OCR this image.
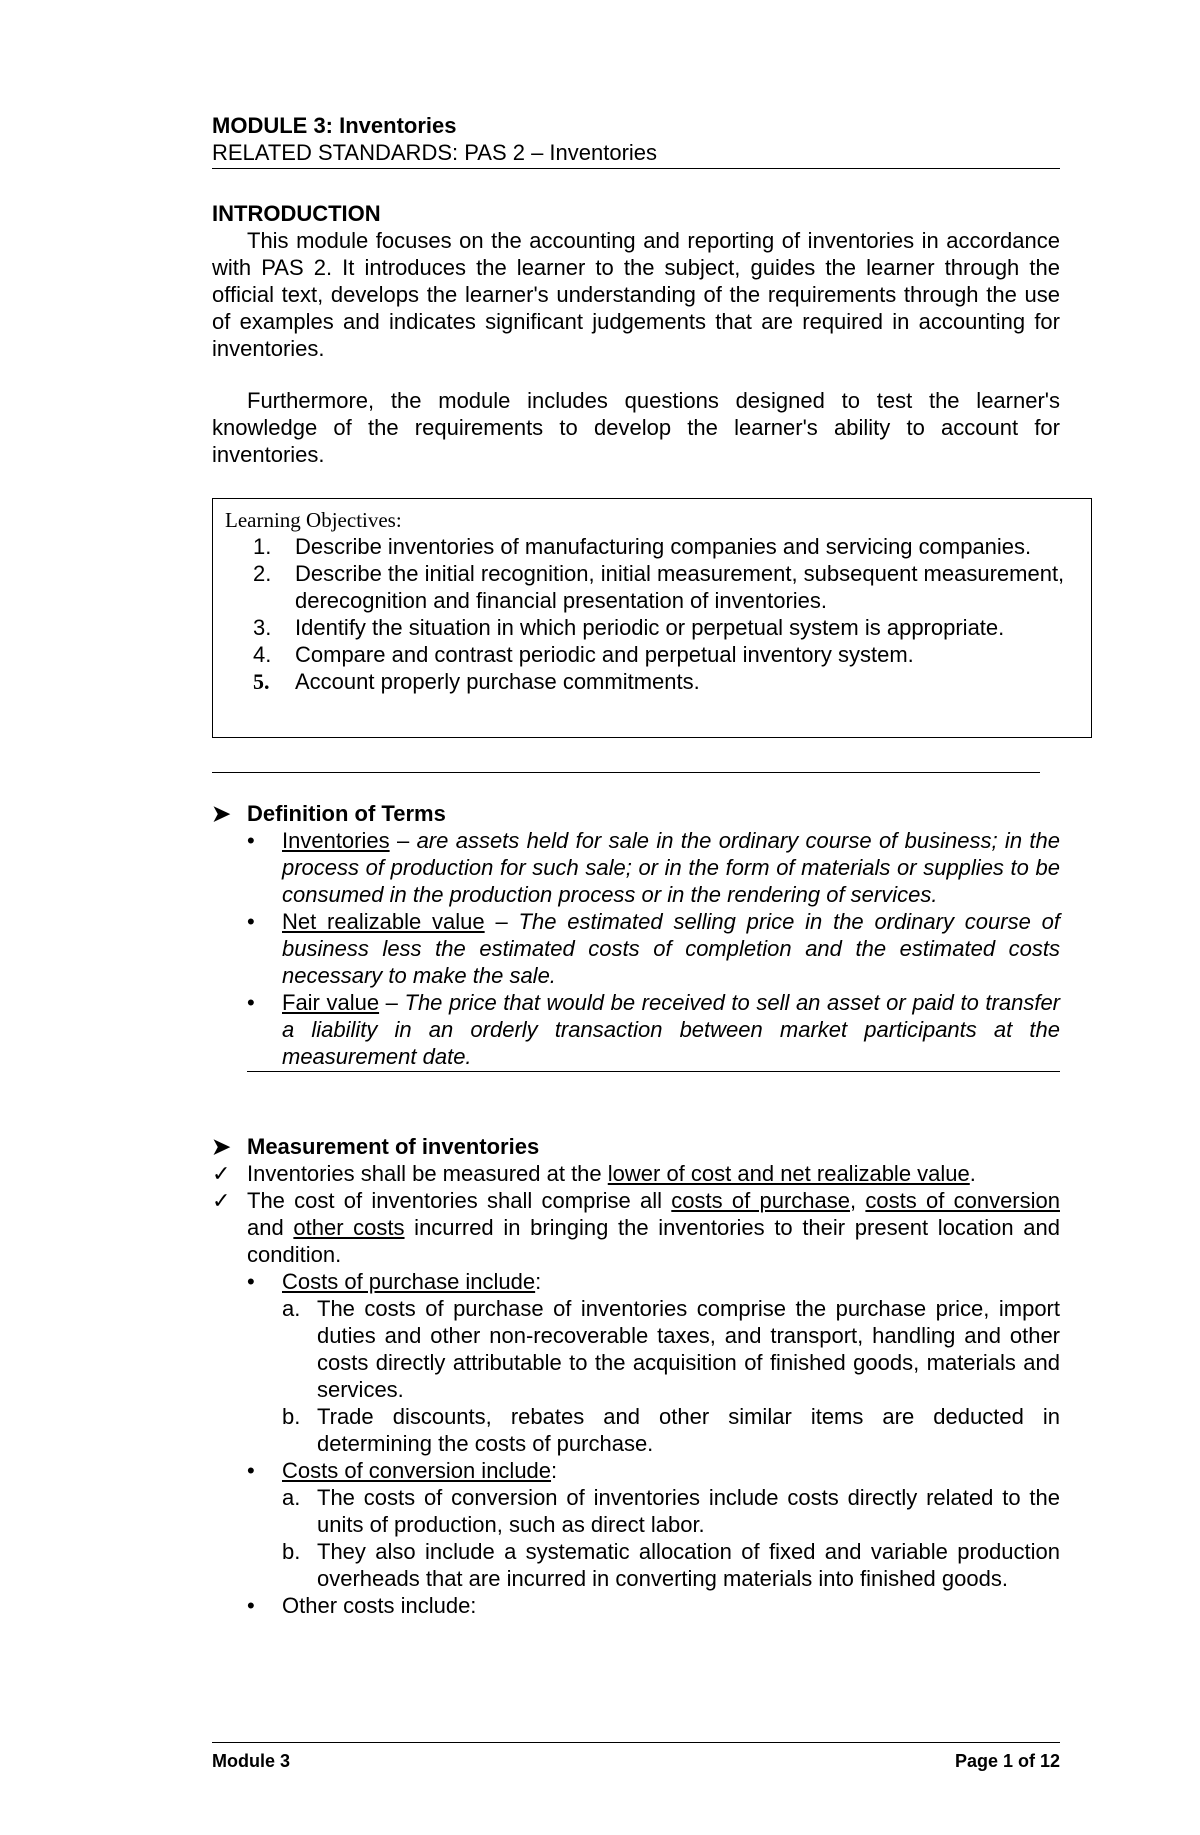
MODULE 3: Inventories
RELATED STANDARDS: PAS 2 – Inventories
INTRODUCTION
This module focuses on the accounting and reporting of inventories in accordance with PAS 2. It introduces the learner to the subject, guides the learner through the official text, develops the learner's understanding of the requirements through the use of examples and indicates significant judgements that are required in accounting for inventories.
Furthermore, the module includes questions designed to test the learner's knowledge of the requirements to develop the learner's ability to account for inventories.
Learning Objectives:
1.	Describe inventories of manufacturing companies and servicing companies.
2.	Describe the initial recognition, initial measurement, subsequent measurement, derecognition and financial presentation of inventories.
3.	Identify the situation in which periodic or perpetual system is appropriate.
4.	Compare and contrast periodic and perpetual inventory system.
5.	Account properly purchase commitments.
➤ Definition of Terms
•	Inventories – are assets held for sale in the ordinary course of business; in the process of production for such sale; or in the form of materials or supplies to be consumed in the production process or in the rendering of services.
•	Net realizable value – The estimated selling price in the ordinary course of business less the estimated costs of completion and the estimated costs necessary to make the sale.
•	Fair value – The price that would be received to sell an asset or paid to transfer a liability in an orderly transaction between market participants at the measurement date.
➤ Measurement of inventories
✓ Inventories shall be measured at the lower of cost and net realizable value.
✓ The cost of inventories shall comprise all costs of purchase, costs of conversion and other costs incurred in bringing the inventories to their present location and condition.
•	Costs of purchase include:
a. The costs of purchase of inventories comprise the purchase price, import duties and other non-recoverable taxes, and transport, handling and other costs directly attributable to the acquisition of finished goods, materials and services.
b. Trade discounts, rebates and other similar items are deducted in determining the costs of purchase.
•	Costs of conversion include:
a. The costs of conversion of inventories include costs directly related to the units of production, such as direct labor.
b. They also include a systematic allocation of fixed and variable production overheads that are incurred in converting materials into finished goods.
•	Other costs include:
Module 3	Page 1 of 12
